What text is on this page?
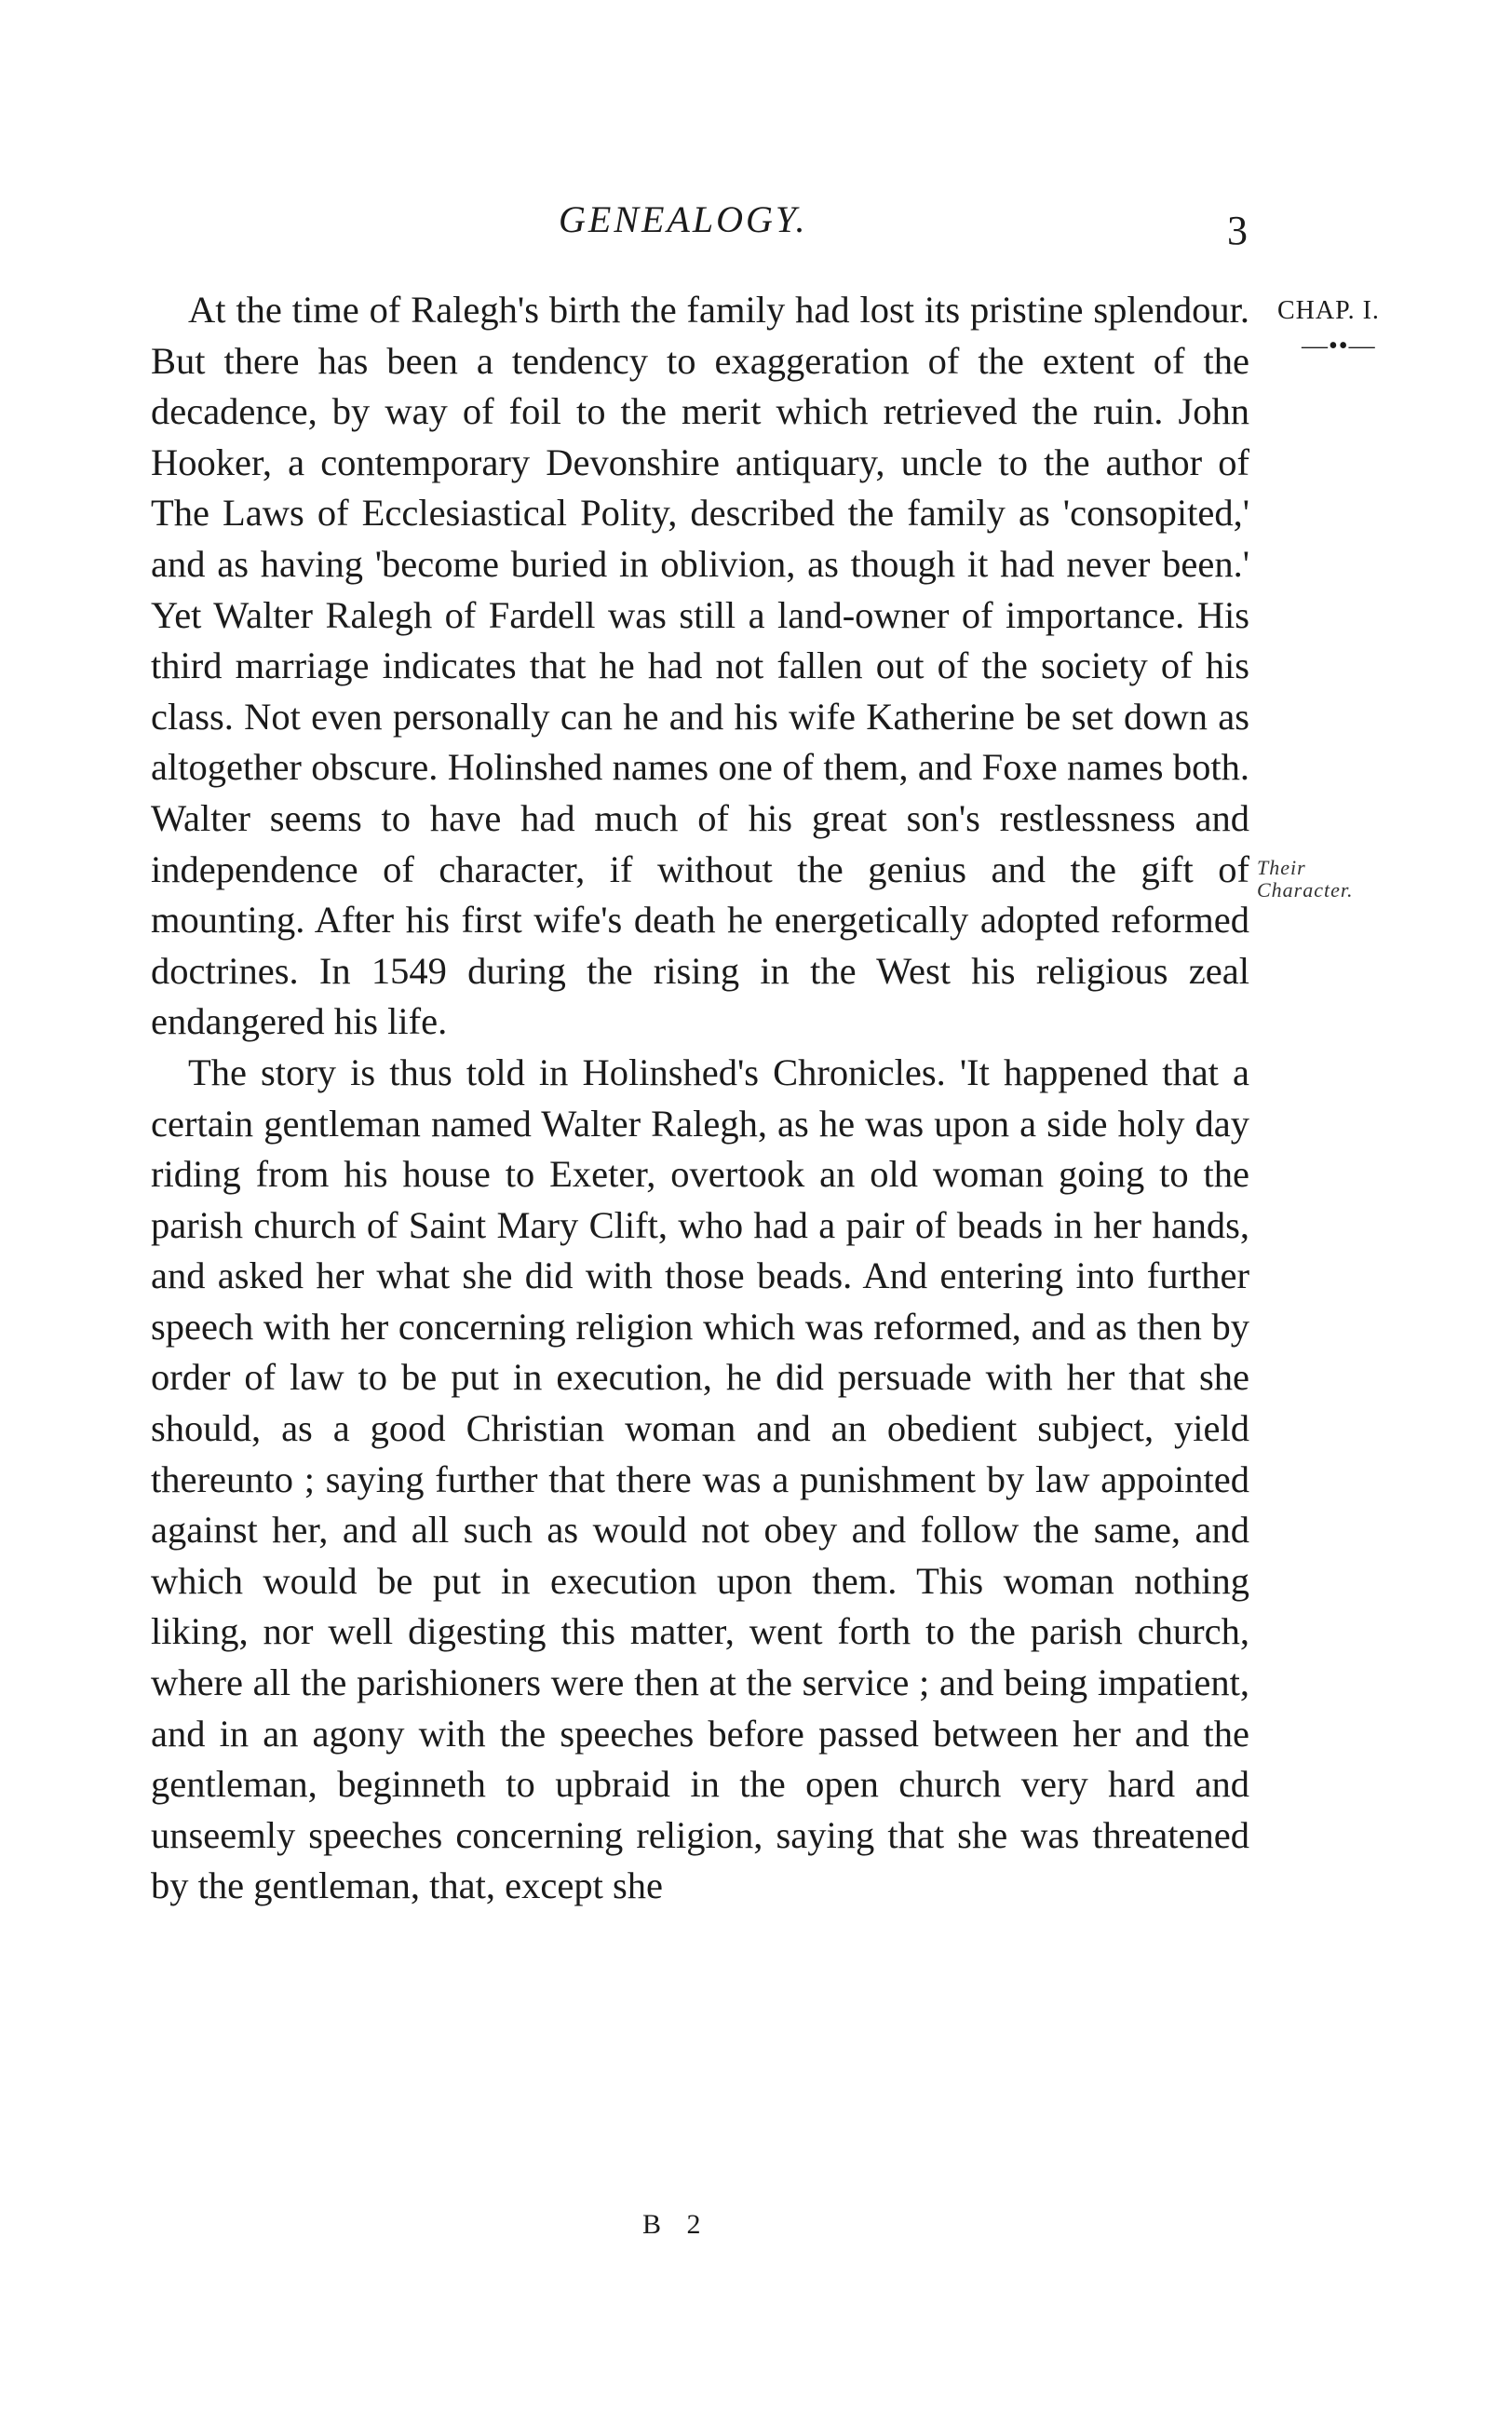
GENEALOGY.	3
CHAP. I.
—••—
Their Character.

At the time of Ralegh's birth the family had lost its pristine splendour. But there has been a tendency to exaggeration of the extent of the decadence, by way of foil to the merit which retrieved the ruin. John Hooker, a contemporary Devonshire antiquary, uncle to the author of The Laws of Ecclesiastical Polity, described the family as 'consopited,' and as having 'become buried in oblivion, as though it had never been.' Yet Walter Ralegh of Fardell was still a land-owner of importance. His third marriage indicates that he had not fallen out of the society of his class. Not even personally can he and his wife Katherine be set down as altogether obscure. Holinshed names one of them, and Foxe names both. Walter seems to have had much of his great son's restlessness and independence of character, if without the genius and the gift of mounting. After his first wife's death he energetically adopted reformed doctrines. In 1549 during the rising in the West his religious zeal endangered his life.

The story is thus told in Holinshed's Chronicles. 'It happened that a certain gentleman named Walter Ralegh, as he was upon a side holy day riding from his house to Exeter, overtook an old woman going to the parish church of Saint Mary Clift, who had a pair of beads in her hands, and asked her what she did with those beads. And entering into further speech with her concerning religion which was reformed, and as then by order of law to be put in execution, he did persuade with her that she should, as a good Christian woman and an obedient subject, yield thereunto ; saying further that there was a punishment by law appointed against her, and all such as would not obey and follow the same, and which would be put in execution upon them. This woman nothing liking, nor well digesting this matter, went forth to the parish church, where all the parishioners were then at the service ; and being impatient, and in an agony with the speeches before passed between her and the gentleman, beginneth to upbraid in the open church very hard and unseemly speeches concerning religion, saying that she was threatened by the gentleman, that, except she

B 2
